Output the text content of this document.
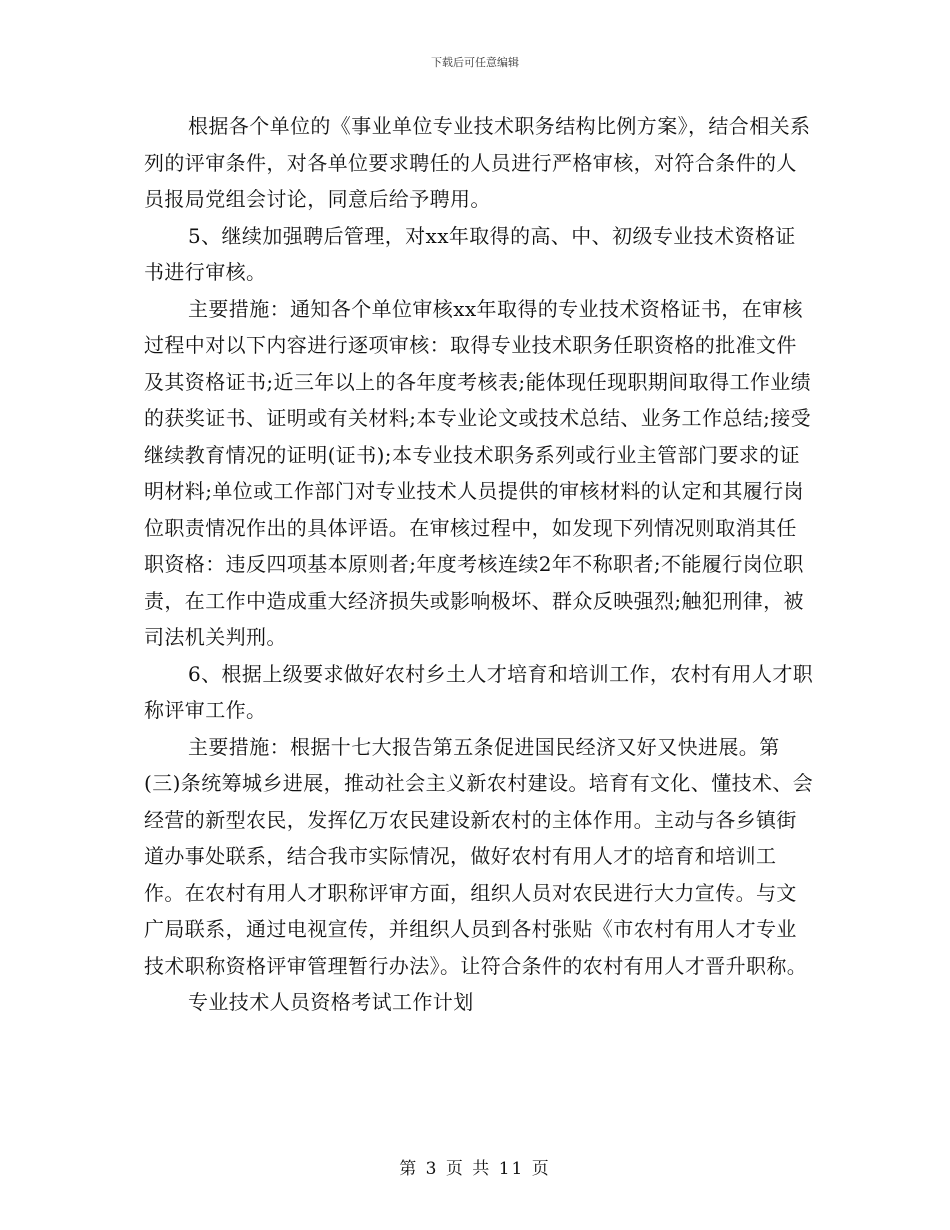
下载后可任意编辑

根据各个单位的《事业单位专业技术职务结构比例方案》，结合相关系列的评审条件，对各单位要求聘任的人员进行严格审核，对符合条件的人员报局党组会讨论，同意后给予聘用。

5、继续加强聘后管理，对xx年取得的高、中、初级专业技术资格证书进行审核。

主要措施：通知各个单位审核xx年取得的专业技术资格证书，在审核过程中对以下内容进行逐项审核：取得专业技术职务任职资格的批准文件及其资格证书;近三年以上的各年度考核表;能体现任现职期间取得工作业绩的获奖证书、证明或有关材料;本专业论文或技术总结、业务工作总结;接受继续教育情况的证明(证书);本专业技术职务系列或行业主管部门要求的证明材料;单位或工作部门对专业技术人员提供的审核材料的认定和其履行岗位职责情况作出的具体评语。在审核过程中，如发现下列情况则取消其任职资格：违反四项基本原则者;年度考核连续2年不称职者;不能履行岗位职责，在工作中造成重大经济损失或影响极坏、群众反映强烈;触犯刑律，被司法机关判刑。

6、根据上级要求做好农村乡土人才培育和培训工作，农村有用人才职称评审工作。

主要措施：根据十七大报告第五条促进国民经济又好又快进展。第(三)条统筹城乡进展，推动社会主义新农村建设。培育有文化、懂技术、会经营的新型农民，发挥亿万农民建设新农村的主体作用。主动与各乡镇街道办事处联系，结合我市实际情况，做好农村有用人才的培育和培训工作。在农村有用人才职称评审方面，组织人员对农民进行大力宣传。与文广局联系，通过电视宣传，并组织人员到各村张贴《市农村有用人才专业技术职称资格评审管理暂行办法》。让符合条件的农村有用人才晋升职称。

专业技术人员资格考试工作计划

第 3 页 共 11 页
